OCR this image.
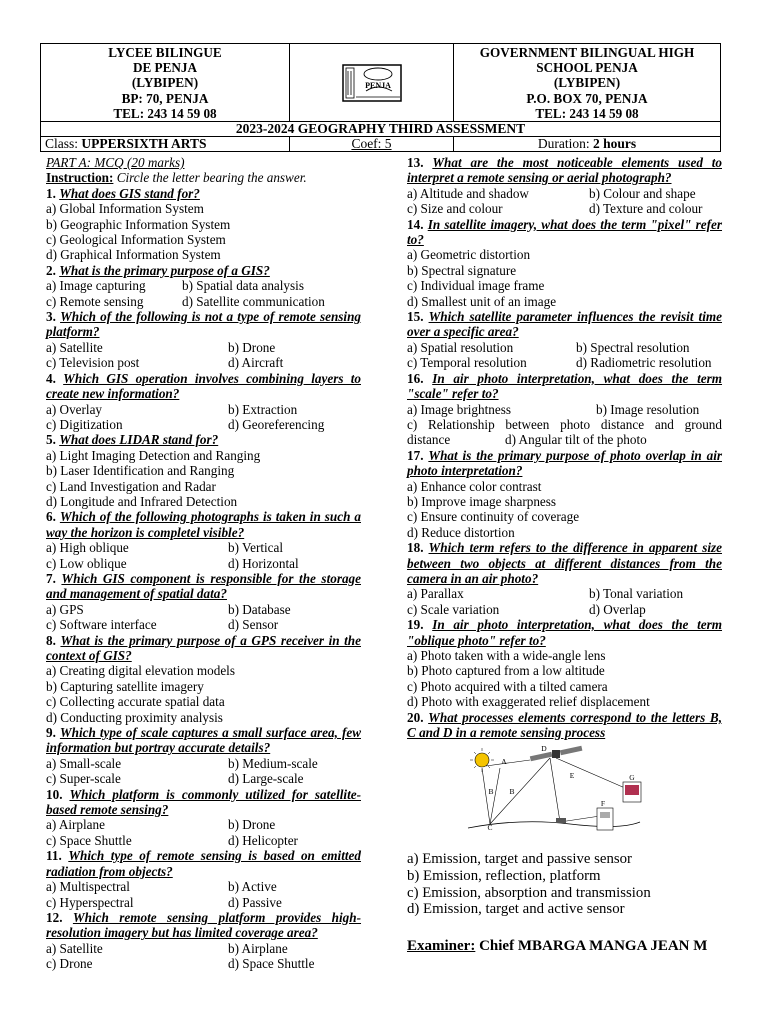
LYCEE BILINGUE
DE PENJA
(LYBIPEN)
BP: 70, PENJA
TEL: 243 14 59 08
PENJA
GOVERNMENT BILINGUAL HIGH
SCHOOL PENJA
(LYBIPEN)
P.O. BOX 70, PENJA
TEL: 243 14 59 08
2023-2024 GEOGRAPHY THIRD ASSESSMENT
Class: UPPERSIXTH ARTS	Coef: 5	Duration: 2 hours

PART A: MCQ (20 marks)

Instruction: Circle the letter bearing the answer.

1. What does GIS stand for?

a) Global Information System

b) Geographic Information System

c) Geological Information System

d) Graphical Information System

2. What is the primary purpose of a GIS?

a) Image capturing	b) Spatial data analysis

c) Remote sensing	d) Satellite communication

3. Which of the following is not a type of remote sensing platform?

a) Satellite	b) Drone

c) Television post	d) Aircraft

4. Which GIS operation involves combining layers to create new information?

a) Overlay	b) Extraction

c) Digitization	d) Georeferencing

5. What does LIDAR stand for?

a) Light Imaging Detection and Ranging

b) Laser Identification and Ranging

c) Land Investigation and Radar

d) Longitude and Infrared Detection

6. Which of the following photographs is taken in such a way the horizon is completel visible?

a) High oblique	b) Vertical

c) Low oblique	d) Horizontal

7. Which GIS component is responsible for the storage and management of spatial data?

a) GPS	b) Database

c) Software interface	d) Sensor

8. What is the primary purpose of a GPS receiver in the context of GIS?

a) Creating digital elevation models

b) Capturing satellite imagery

c) Collecting accurate spatial data

d) Conducting proximity analysis

9. Which type of scale captures a small surface area, few information but portray accurate details?

a) Small-scale	b) Medium-scale

c) Super-scale	d) Large-scale

10. Which platform is commonly utilized for satellite-based remote sensing?

a) Airplane	b) Drone

c) Space Shuttle	d) Helicopter

11. Which type of remote sensing is based on emitted radiation from objects?

a) Multispectral	b) Active

c) Hyperspectral	d) Passive

12. Which remote sensing platform provides high-resolution imagery but has limited coverage area?

a) Satellite	b) Airplane

c) Drone	d) Space Shuttle

13. What are the most noticeable elements used to interpret a remote sensing or aerial photograph?

a) Altitude and shadow	b) Colour and shape

c) Size and colour	d) Texture and colour

14. In satellite imagery, what does the term "pixel" refer to?

a) Geometric distortion

b) Spectral signature

c) Individual image frame

d) Smallest unit of an image

15. Which satellite parameter influences the revisit time over a specific area?

a) Spatial resolution	b) Spectral resolution

c) Temporal resolution	d) Radiometric resolution

16. In air photo interpretation, what does the term "scale" refer to?

a) Image brightness	b) Image resolution

c) Relationship between photo distance and ground

distance	d) Angular tilt of the photo

17. What is the primary purpose of photo overlap in air photo interpretation?

a) Enhance color contrast

b) Improve image sharpness

c) Ensure continuity of coverage

d) Reduce distortion

18. Which term refers to the difference in apparent size between two objects at different distances from the camera in an air photo?

a) Parallax	b) Tonal variation

c) Scale variation	d) Overlap

19. In air photo interpretation, what does the term "oblique photo" refer to?

a) Photo taken with a wide-angle lens

b) Photo captured from a low altitude

c) Photo acquired with a tilted camera

d) Photo with exaggerated relief displacement

20. What processes elements correspond to the letters B, C and D in a remote sensing process

A
B B
C
D
E
F
G

a) Emission, target and passive sensor

b) Emission, reflection, platform

c) Emission, absorption and transmission

d) Emission, target and active sensor

Examiner: Chief MBARGA MANGA JEAN M
